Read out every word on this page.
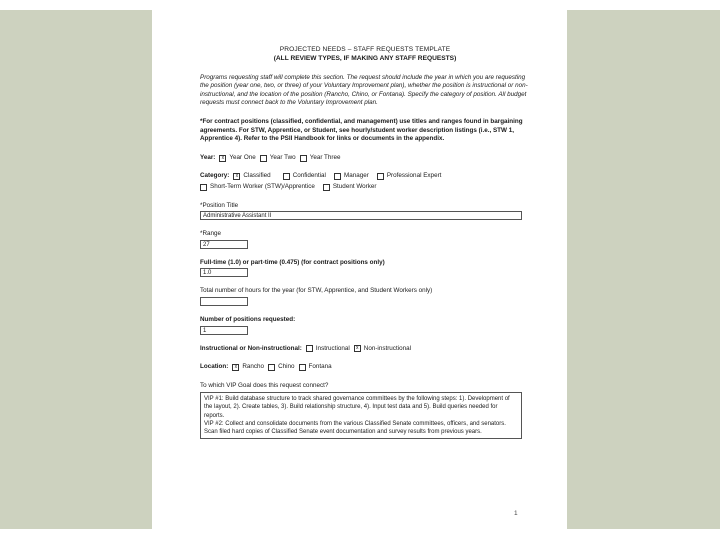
PROJECTED NEEDS – STAFF REQUESTS TEMPLATE
(ALL REVIEW TYPES, IF MAKING ANY STAFF REQUESTS)
Programs requesting staff will complete this section. The request should include the year in which you are requesting the position (year one, two, or three) of your Voluntary Improvement plan), whether the position is instructional or non-instructional, and the location of the position (Rancho, Chino, or Fontana). Specify the category of position. All budget requests must connect back to the Voluntary Improvement plan.
*For contract positions (classified, confidential, and management) use titles and ranges found in bargaining agreements. For STW, Apprentice, or Student, see hourly/student worker description listings (i.e., STW 1, Apprentice 4). Refer to the PSII Handbook for links or documents in the appendix.
Year: x Year One Year Two Year Three
Category: x Classified	Confidential	Manager	Professional Expert
Short-Term Worker (STW)/Apprentice	Student Worker
*Position Title
Administrative Assistant II
*Range
27
Full-time (1.0) or part-time (0.475) (for contract positions only)
1.0
Total number of hours for the year (for STW, Apprentice, and Student Workers only)
Number of positions requested:
1
Instructional or Non-instructional: Instructional x Non-instructional
Location: x Rancho Chino Fontana
To which VIP Goal does this request connect?
VIP #1: Build database structure to track shared governance committees by the following steps: 1). Development of the layout, 2). Create tables, 3). Build relationship structure, 4). Input test data and 5). Build queries needed for reports.
VIP #2: Collect and consolidate documents from the various Classified Senate committees, officers, and senators. Scan filed hard copies of Classified Senate event documentation and survey results from previous years.
1
